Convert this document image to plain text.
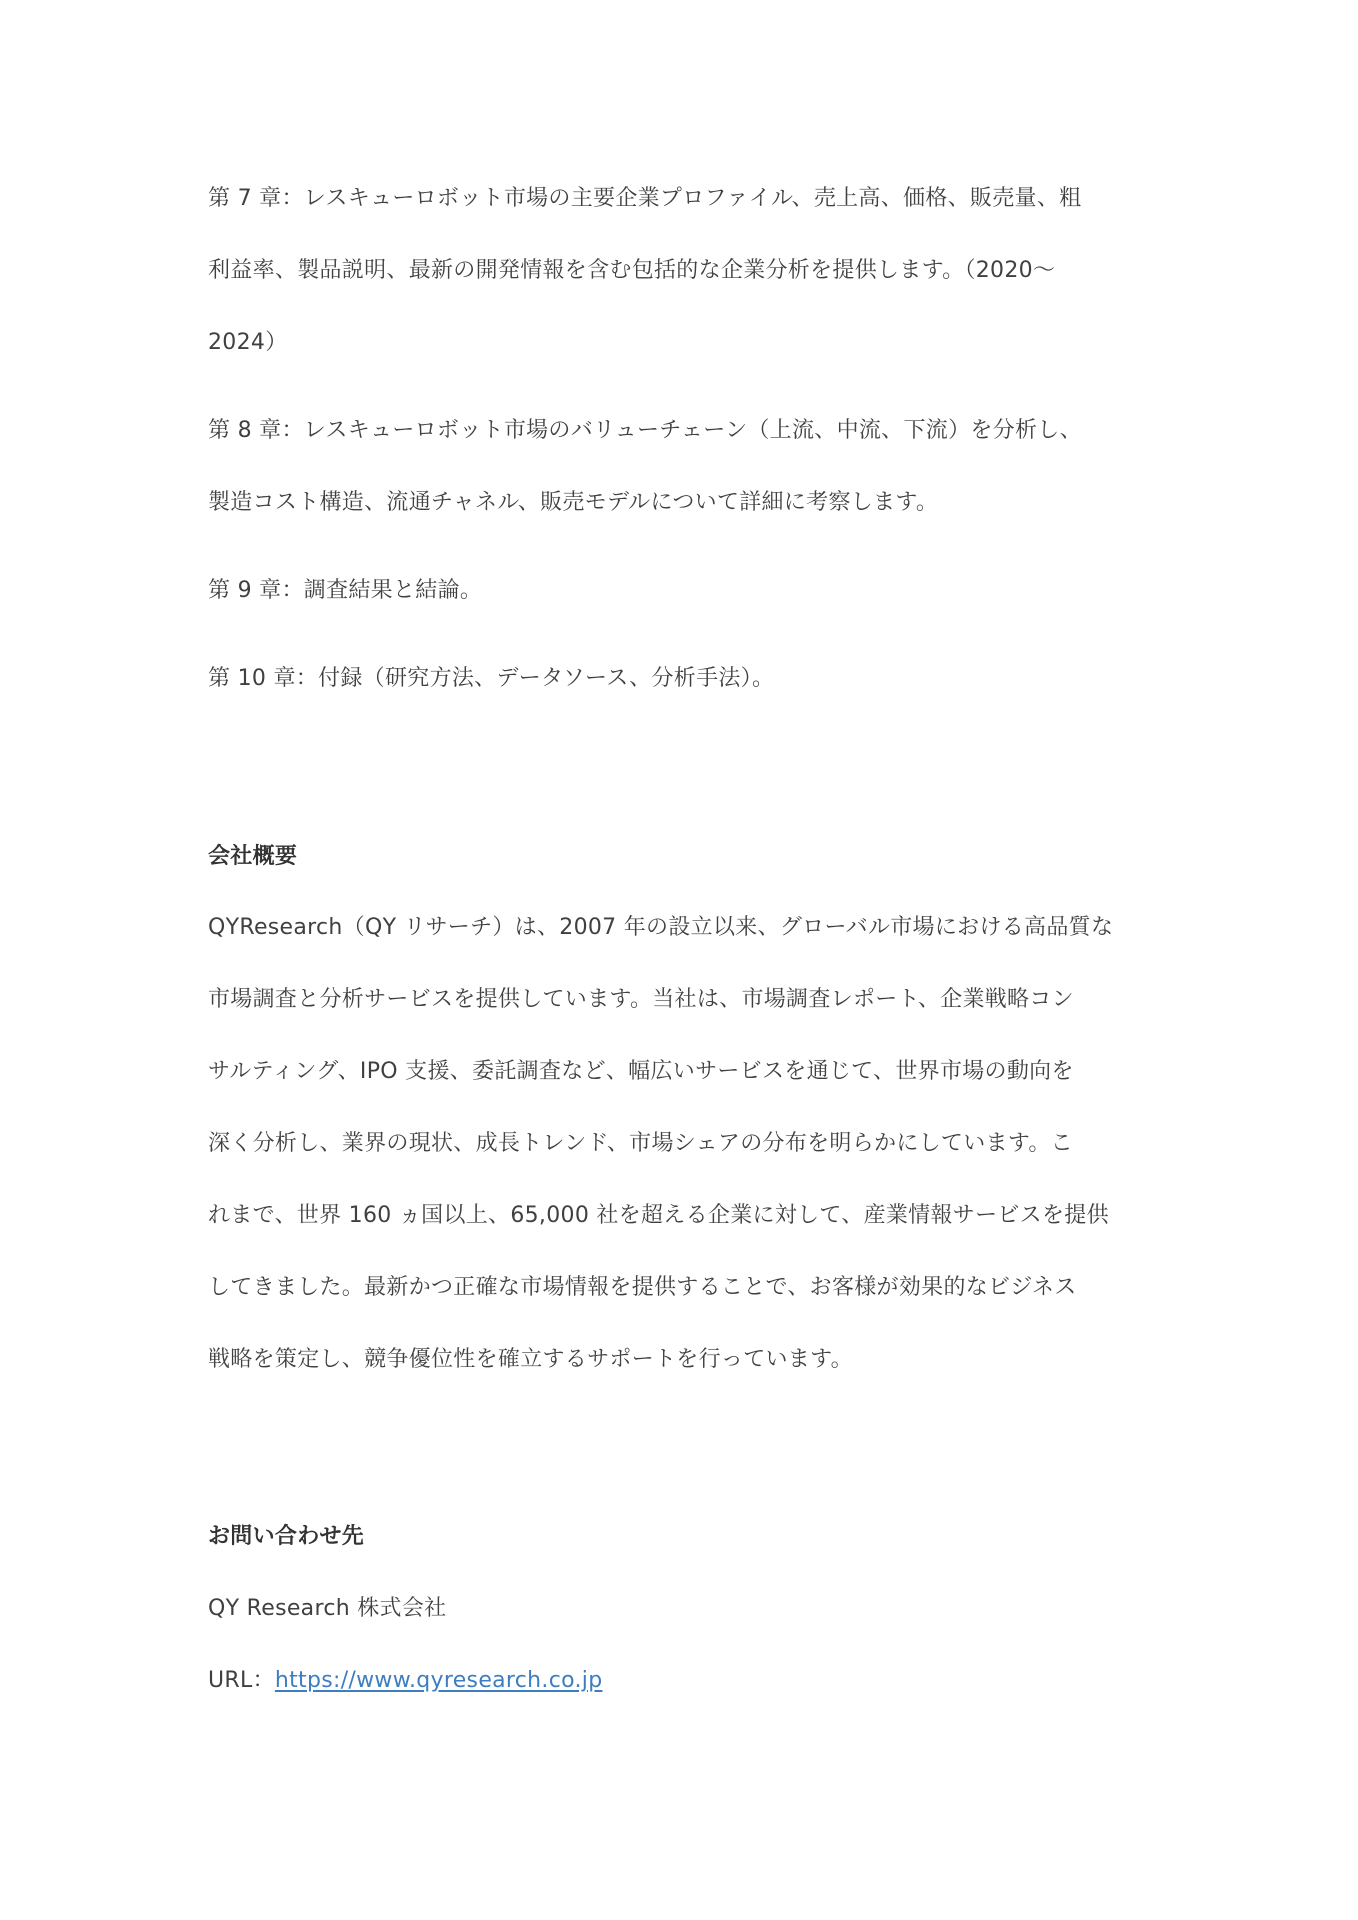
第 7 章：レスキューロボット市場の主要企業プロファイル、売上高、価格、販売量、粗
利益率、製品説明、最新の開発情報を含む包括的な企業分析を提供します。（2020～
2024）
第 8 章：レスキューロボット市場のバリューチェーン（上流、中流、下流）を分析し、
製造コスト構造、流通チャネル、販売モデルについて詳細に考察します。
第 9 章：調査結果と結論。
第 10 章：付録（研究方法、データソース、分析手法）。
会社概要
QYResearch（QY リサーチ）は、2007 年の設立以来、グローバル市場における高品質な
市場調査と分析サービスを提供しています。当社は、市場調査レポート、企業戦略コン
サルティング、IPO 支援、委託調査など、幅広いサービスを通じて、世界市場の動向を
深く分析し、業界の現状、成長トレンド、市場シェアの分布を明らかにしています。こ
れまで、世界 160 ヵ国以上、65,000 社を超える企業に対して、産業情報サービスを提供
してきました。最新かつ正確な市場情報を提供することで、お客様が効果的なビジネス
戦略を策定し、競争優位性を確立するサポートを行っています。
お問い合わせ先
QY Research 株式会社
URL：https://www.qyresearch.co.jp
